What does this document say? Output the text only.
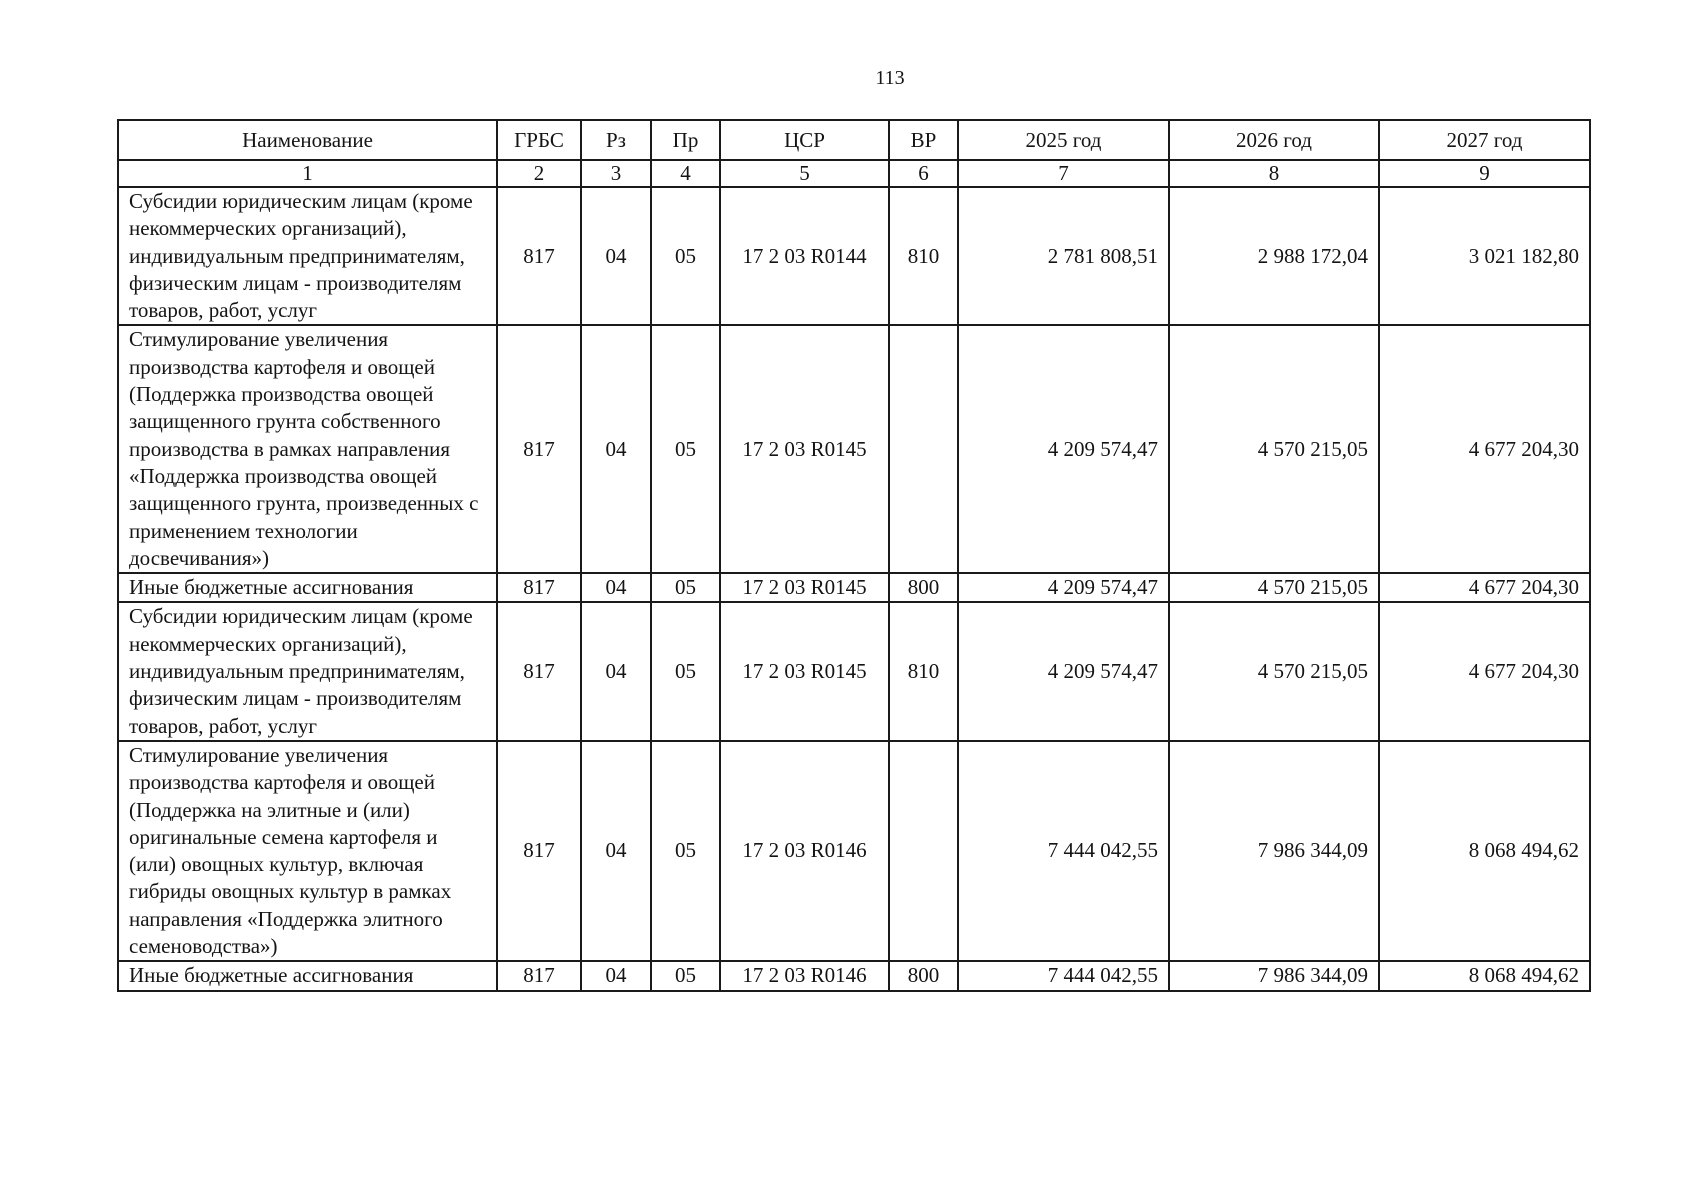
113
Наименование	ГРБС	Рз	Пр	ЦСР	ВР	2025 год	2026 год	2027 год
1	2	3	4	5	6	7	8	9
Субсидии юридическим лицам (кроме некоммерческих организаций), индивидуальным предпринимателям, физическим лицам - производителям товаров, работ, услуг	817	04	05	17 2 03 R0144	810	2 781 808,51	2 988 172,04	3 021 182,80
Стимулирование увеличения производства картофеля и овощей (Поддержка производства овощей защищенного грунта собственного производства в рамках направления «Поддержка производства овощей защищенного грунта, произведенных с применением технологии досвечивания»)	817	04	05	17 2 03 R0145		4 209 574,47	4 570 215,05	4 677 204,30
Иные бюджетные ассигнования	817	04	05	17 2 03 R0145	800	4 209 574,47	4 570 215,05	4 677 204,30
Субсидии юридическим лицам (кроме некоммерческих организаций), индивидуальным предпринимателям, физическим лицам - производителям товаров, работ, услуг	817	04	05	17 2 03 R0145	810	4 209 574,47	4 570 215,05	4 677 204,30
Стимулирование увеличения производства картофеля и овощей (Поддержка на элитные и (или) оригинальные семена картофеля и (или) овощных культур, включая гибриды овощных культур в рамках направления «Поддержка элитного семеноводства»)	817	04	05	17 2 03 R0146		7 444 042,55	7 986 344,09	8 068 494,62
Иные бюджетные ассигнования	817	04	05	17 2 03 R0146	800	7 444 042,55	7 986 344,09	8 068 494,62
